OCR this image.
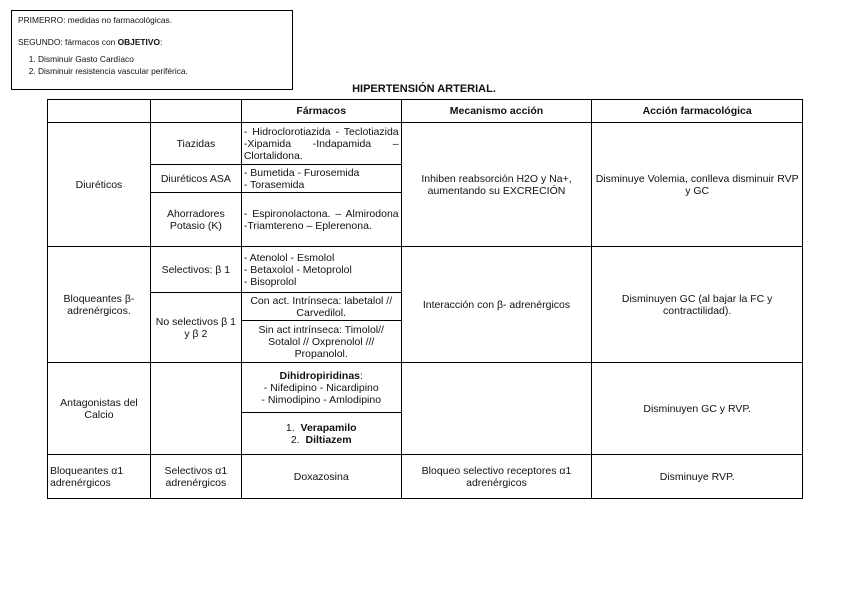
PRIMERRO: medidas no farmacológicas.
SEGUNDO: fármacos con OBJETIVO:
1. Disminuir Gasto Cardíaco
2. Disminuir resistencia vascular periférica.
HIPERTENSIÓN ARTERIAL.
		Fármacos	Mecanismo acción	Acción farmacológica
Diuréticos	Tiazidas	- Hidroclorotiazida - Teclotiazida -Xipamida -Indapamida – Clortalidona.	Inhiben reabsorción H2O y Na+, aumentando su EXCRECIÓN	Disminuye Volemia, conlleva disminuir RVP y GC
	Diuréticos ASA	- Bumetida - Furosemida
- Torasemida		

	Ahorradores Potasio (K)	- Espironolactona. – Almirodona -Triamtereno – Eplerenona.		
Bloqueantes β-adrenérgicos.	Selectivos: β 1	- Atenolol - Esmolol
- Betaxolol - Metoprolol
- Bisoprolol	Interacción con β- adrenérgicos	Disminuyen GC (al bajar la FC y contractilidad).
	No selectivos β 1 y β 2	Con act. Intrínseca: labetalol // Carvedilol.		
		Sin act intrínseca: Timolol// Sotalol // Oxprenolol /// Propanolol.		
Antagonistas del Calcio		Dihidropiridinas:
- Nifedipino - Nicardipino
- Nimodipino - Amlodipino		Disminuyen GC y RVP.

		1. Verapamilo
2. Diltiazem		

Bloqueantes α1 adrenérgicos	Selectivos α1 adrenérgicos	Doxazosina	Bloqueo selectivo receptores α1 adrenérgicos	Disminuye RVP.
